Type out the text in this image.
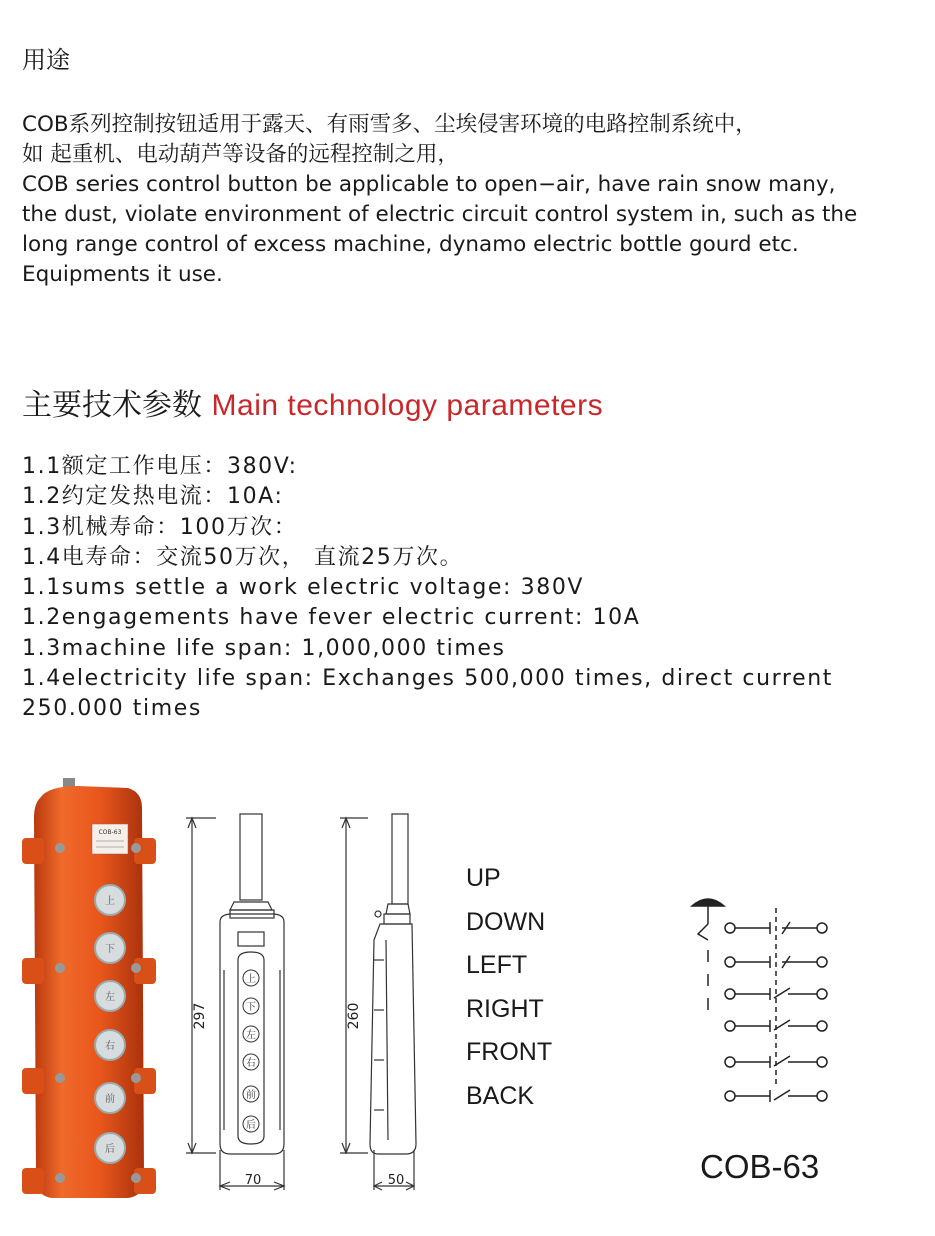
用途
COB系列控制按钮适用于露天、有雨雪多、尘埃侵害环境的电路控制系统中，
如 起重机、电动葫芦等设备的远程控制之用，
COB series control button be applicable to open−air, have rain snow many,
the dust, violate environment of electric circuit control system in, such as the
long range control of excess machine, dynamo electric bottle gourd etc.
Equipments it use.
主要技术参数 Main technology parameters
1.1额定工作电压：380V:
1.2约定发热电流：10A:
1.3机械寿命：100万次：
1.4电寿命：交流50万次， 直流25万次。
1.1sums settle a work electric voltage: 380V
1.2engagements have fever electric current: 10A
1.3machine life span: 1,000,000 times
1.4electricity life span: Exchanges 500,000 times, direct current
250.000 times
COB-63
上
下
左
右
前
后
上
下
左
右
前
后
297
70
260
50
UP
DOWN
LEFT
RIGHT
FRONT
BACK
COB-63
